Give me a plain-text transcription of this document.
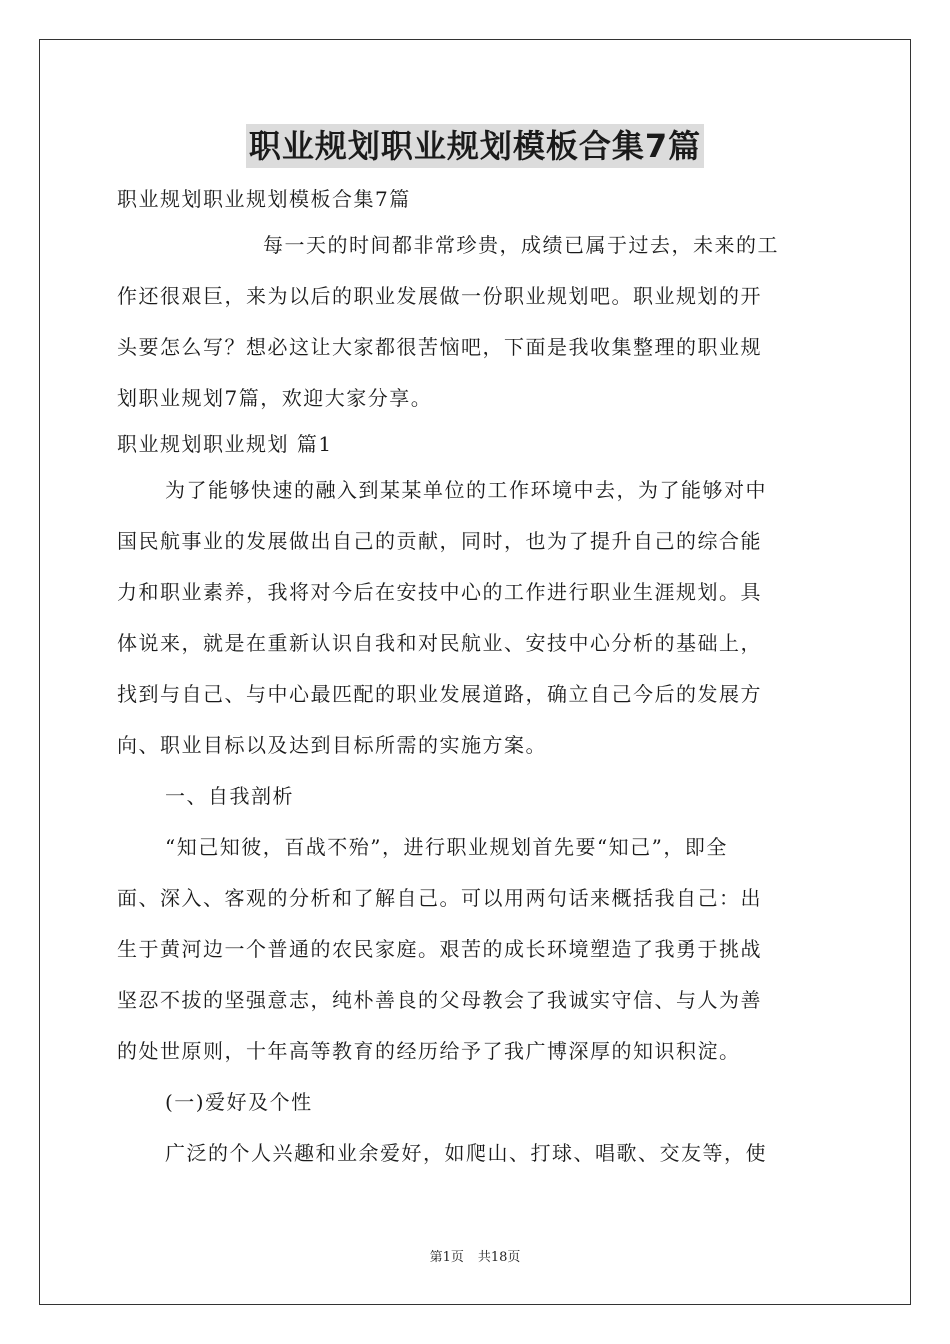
职业规划职业规划模板合集7篇
职业规划职业规划模板合集7篇
每一天的时间都非常珍贵，成绩已属于过去，未来的工
作还很艰巨，来为以后的职业发展做一份职业规划吧。职业规划的开
头要怎么写？想必这让大家都很苦恼吧，下面是我收集整理的职业规
划职业规划7篇，欢迎大家分享。
职业规划职业规划 篇1
为了能够快速的融入到某某单位的工作环境中去，为了能够对中
国民航事业的发展做出自己的贡献，同时，也为了提升自己的综合能
力和职业素养，我将对今后在安技中心的工作进行职业生涯规划。具
体说来，就是在重新认识自我和对民航业、安技中心分析的基础上，
找到与自己、与中心最匹配的职业发展道路，确立自己今后的发展方
向、职业目标以及达到目标所需的实施方案。
一、自我剖析
“知己知彼，百战不殆”，进行职业规划首先要“知己”，即全
面、深入、客观的分析和了解自己。可以用两句话来概括我自己：出
生于黄河边一个普通的农民家庭。艰苦的成长环境塑造了我勇于挑战
坚忍不拔的坚强意志，纯朴善良的父母教会了我诚实守信、与人为善
的处世原则，十年高等教育的经历给予了我广博深厚的知识积淀。
(一)爱好及个性
广泛的个人兴趣和业余爱好，如爬山、打球、唱歌、交友等，使
第1页 共18页
